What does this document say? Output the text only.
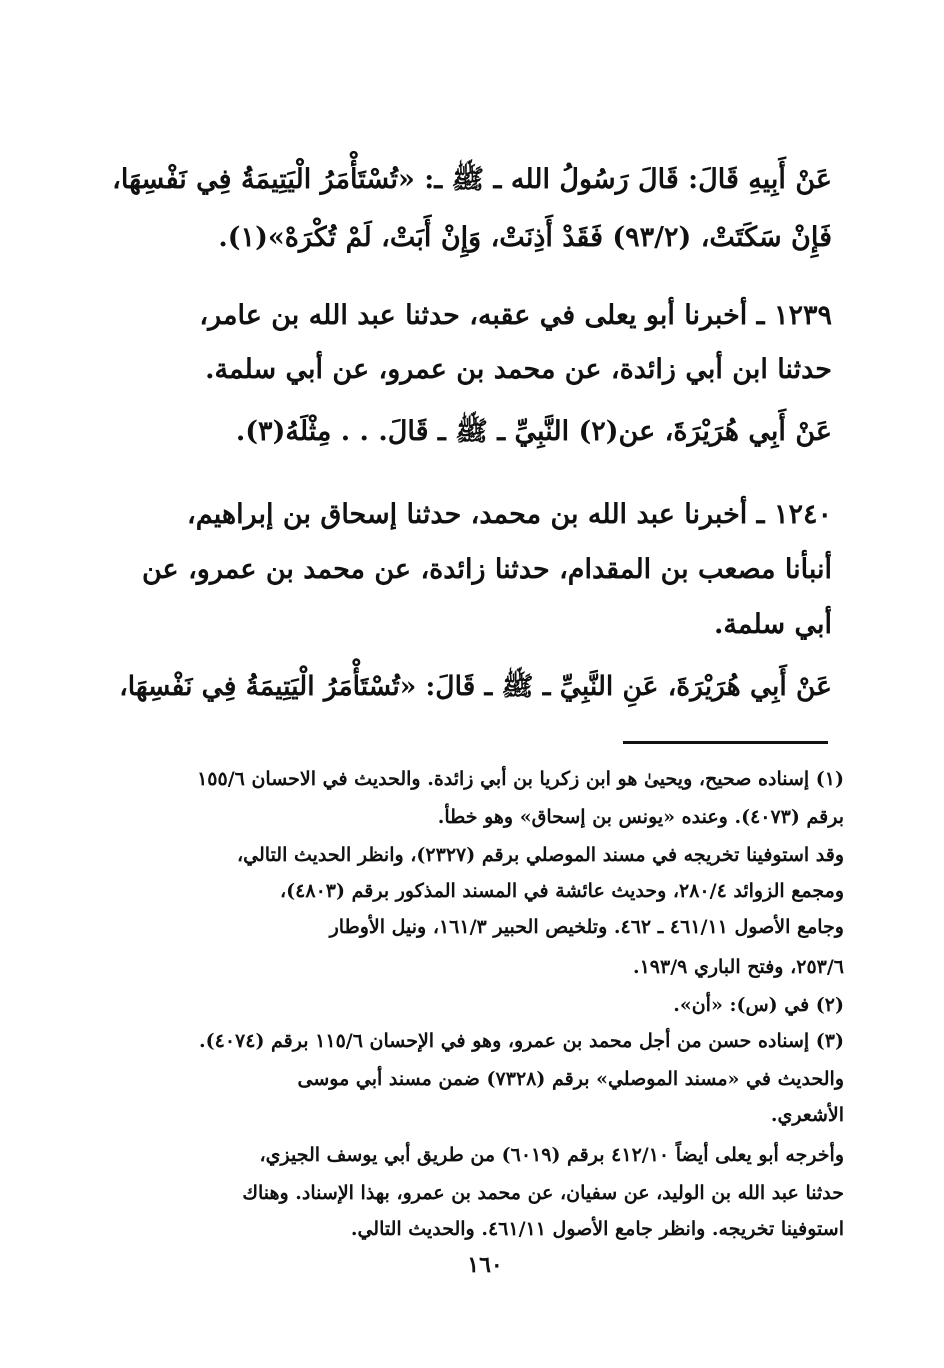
عَنْ أَبِيهِ قَالَ: قَالَ رَسُولُ الله ـ ﷺ ـ: «تُسْتَأْمَرُ الْيَتِيمَةُ فِي نَفْسِهَا،
فَإِنْ سَكَتَتْ، (٩٣/٢) فَقَدْ أَذِنَتْ، وَإِنْ أَبَتْ، لَمْ تُكْرَهْ»(١).
١٢٣٩ ـ أخبرنا أبو يعلى في عقبه، حدثنا عبد الله بن عامر،
حدثنا ابن أبي زائدة، عن محمد بن عمرو، عن أبي سلمة.
عَنْ أَبِي هُرَيْرَةَ، عن(٢) النَّبِيِّ ـ ﷺ ـ قَالَ. . . مِثْلَهُ(٣).
١٢٤٠ ـ أخبرنا عبد الله بن محمد، حدثنا إسحاق بن إبراهيم،
أنبأنا مصعب بن المقدام، حدثنا زائدة، عن محمد بن عمرو، عن
أبي سلمة.
عَنْ أَبِي هُرَيْرَةَ، عَنِ النَّبِيِّ ـ ﷺ ـ قَالَ: «تُسْتَأْمَرُ الْيَتِيمَةُ فِي نَفْسِهَا،
(١) إسناده صحيح، ويحيىٰ هو ابن زكريا بن أبي زائدة. والحديث في الاحسان ١٥٥/٦
برقم (٤٠٧٣). وعنده «يونس بن إسحاق» وهو خطأ.
وقد استوفينا تخريجه في مسند الموصلي برقم (٢٣٢٧)، وانظر الحديث التالي،
ومجمع الزوائد ٢٨٠/٤، وحديث عائشة في المسند المذكور برقم (٤٨٠٣)،
وجامع الأصول ٤٦١/١١ ـ ٤٦٢. وتلخيص الحبير ١٦١/٣، ونيل الأوطار
٢٥٣/٦، وفتح الباري ١٩٣/٩.
(٢) في (س): «أن».
(٣) إسناده حسن من أجل محمد بن عمرو، وهو في الإحسان ١١٥/٦ برقم (٤٠٧٤).
والحديث في «مسند الموصلي» برقم (٧٣٢٨) ضمن مسند أبي موسى
الأشعري.
وأخرجه أبو يعلى أيضاً ٤١٢/١٠ برقم (٦٠١٩) من طريق أبي يوسف الجيزي،
حدثنا عبد الله بن الوليد، عن سفيان، عن محمد بن عمرو، بهذا الإسناد. وهناك
استوفينا تخريجه. وانظر جامع الأصول ٤٦١/١١. والحديث التالي.
١٦٠
